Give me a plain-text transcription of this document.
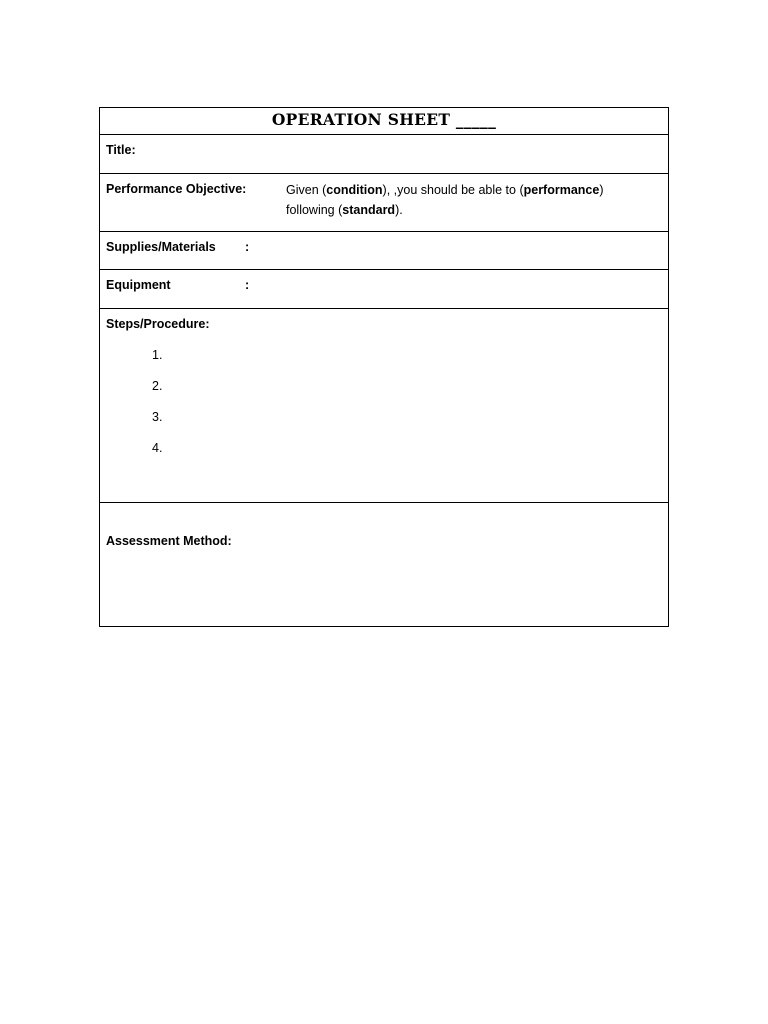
OPERATION SHEET _____
Title:
Performance Objective:	Given (condition), ,you should be able to (performance)
following (standard).
Supplies/Materials :
Equipment	:
Steps/Procedure:
1.
2.
3.
4.
Assessment Method:
